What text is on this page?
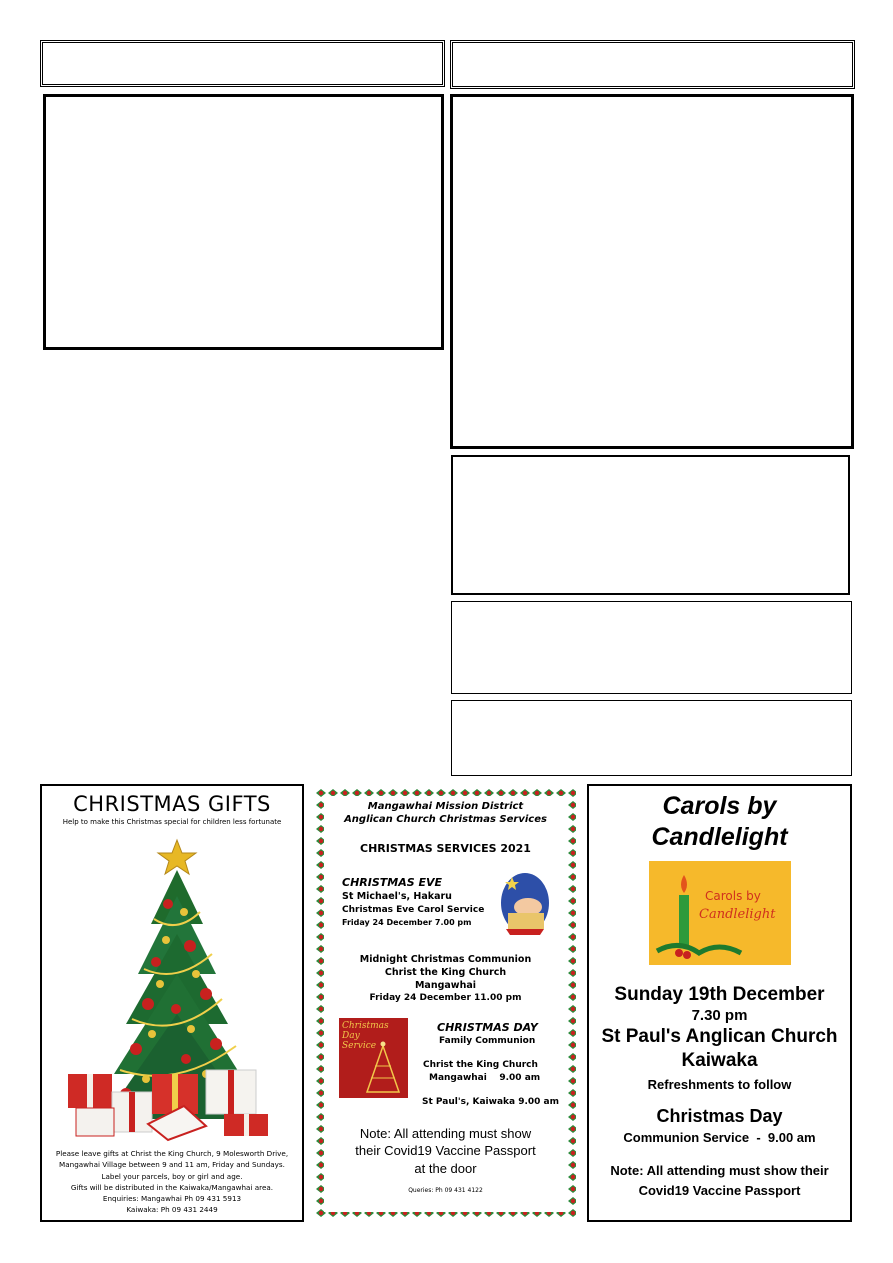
CHRISTMAS GIFTS
Help to make this Christmas special for children less fortunate
Please leave gifts at Christ the King Church, 9 Molesworth Drive,
Mangawhai Village between 9 and 11 am, Friday and Sundays.
Label your parcels, boy or girl and age.
Gifts will be distributed in the Kaiwaka/Mangawhai area.
Enquiries: Mangawhai Ph 09 431 5913
Kaiwaka: Ph 09 431 2449
Mangawhai Mission District
Anglican Church Christmas Services
CHRISTMAS SERVICES 2021
CHRISTMAS EVE
St Michael's, Hakaru
Christmas Eve Carol Service
Friday 24 December 7.00 pm
Midnight Christmas Communion
Christ the King Church
Mangawhai
Friday 24 December 11.00 pm
Christmas
Day
Service
CHRISTMAS DAY
Family Communion
Christ the King Church
Mangawhai    9.00 am
St Paul's, Kaiwaka 9.00 am
Note: All attending must show
their Covid19 Vaccine Passport
at the door
Queries: Ph 09 431 4122
Carols by
Candlelight
Carols by
Candlelight
Sunday 19th December
7.30 pm
St Paul's Anglican Church
Kaiwaka
Refreshments to follow
Christmas Day
Communion Service  -  9.00 am
Note: All attending must show their
Covid19 Vaccine Passport
